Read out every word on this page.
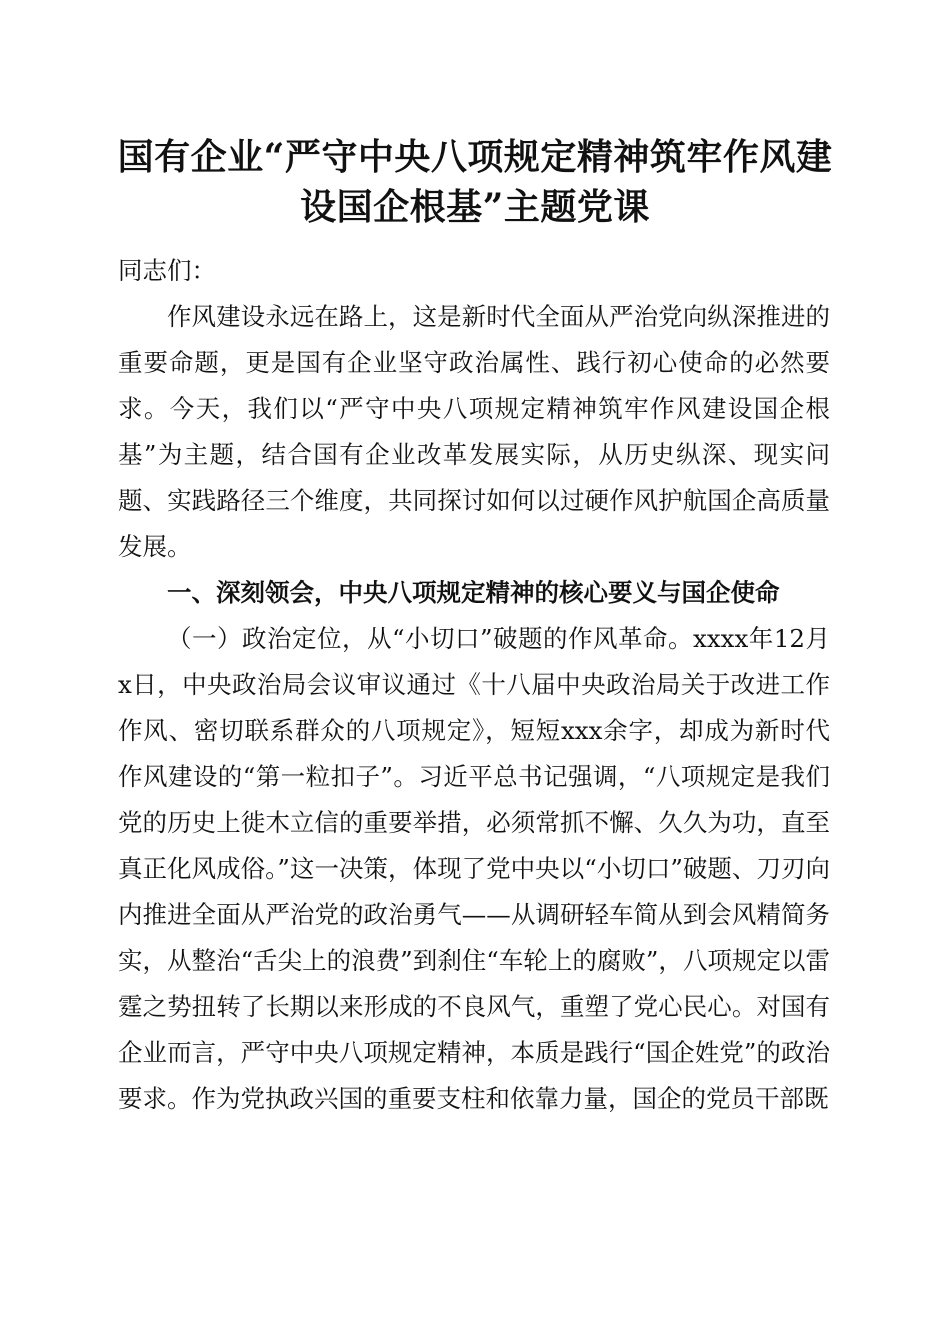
国有企业“严守中央八项规定精神筑牢作风建设国企根基”主题党课

同志们：

作风建设永远在路上，这是新时代全面从严治党向纵深推进的重要命题，更是国有企业坚守政治属性、践行初心使命的必然要求。今天，我们以“严守中央八项规定精神筑牢作风建设国企根基”为主题，结合国有企业改革发展实际，从历史纵深、现实问题、实践路径三个维度，共同探讨如何以过硬作风护航国企高质量发展。

一、深刻领会，中央八项规定精神的核心要义与国企使命

（一）政治定位，从“小切口”破题的作风革命。xxxx年12月x日，中央政治局会议审议通过《十八届中央政治局关于改进工作作风、密切联系群众的八项规定》，短短xxx余字，却成为新时代作风建设的“第一粒扣子”。习近平总书记强调，“八项规定是我们党的历史上徙木立信的重要举措，必须常抓不懈、久久为功，直至真正化风成俗。”这一决策，体现了党中央以“小切口”破题、刀刃向内推进全面从严治党的政治勇气——从调研轻车简从到会风精简务实，从整治“舌尖上的浪费”到刹住“车轮上的腐败”，八项规定以雷霆之势扭转了长期以来形成的不良风气，重塑了党心民心。对国有企业而言，严守中央八项规定精神，本质是践行“国企姓党”的政治要求。作为党执政兴国的重要支柱和依靠力量，国企的党员干部既
